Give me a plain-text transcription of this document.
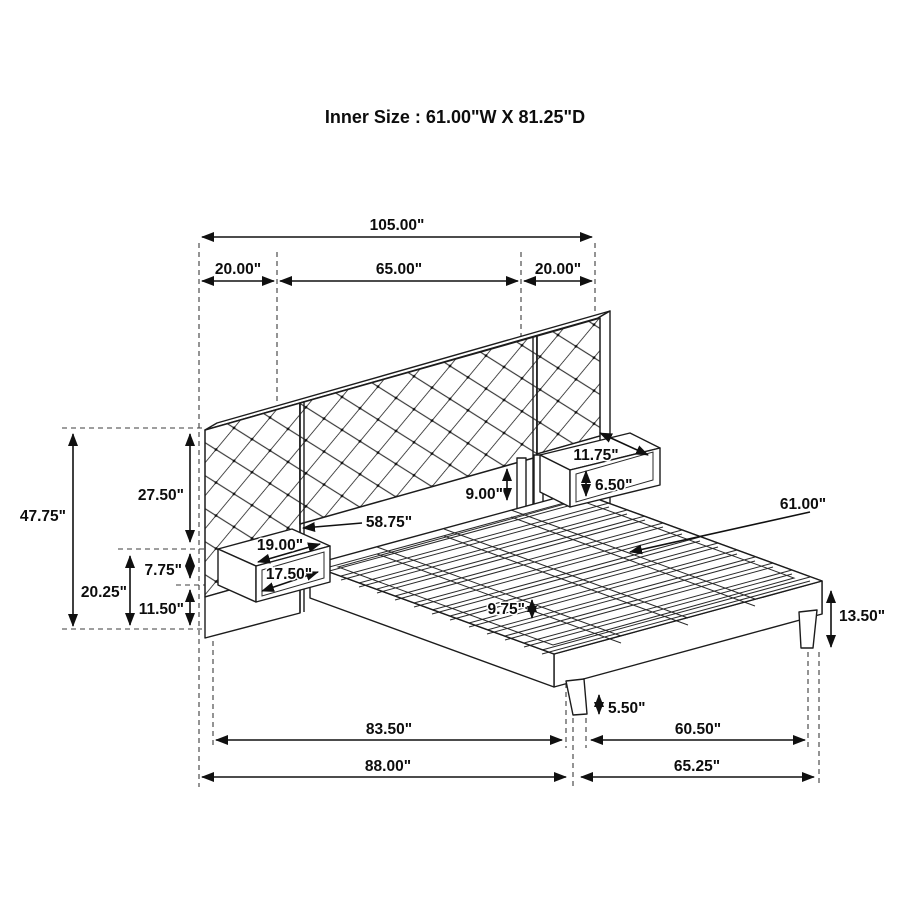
Inner Size : 61.00"W X 81.25"D
105.00"
20.00"	65.00"	20.00"
47.75"
27.50"
7.75"
20.25"
11.50"
19.00"
17.50"
58.75"
9.00"
11.75"
6.50"
61.00"
9.75"	13.50"
5.50"
83.50"	60.50"
88.00"	65.25"
